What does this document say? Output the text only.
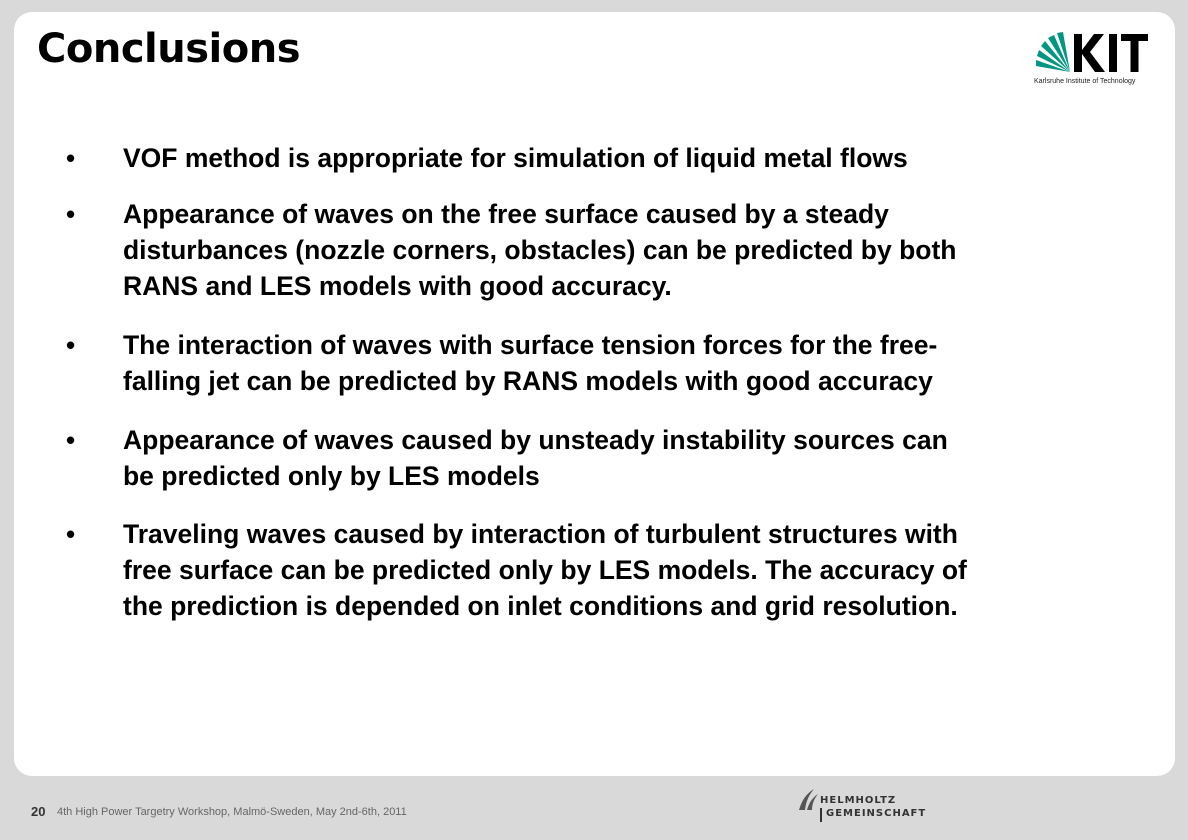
Conclusions
Karlsruhe Institute of Technology
• VOF method is appropriate for simulation of liquid metal flows
• Appearance of waves on the free surface caused by a steady
disturbances (nozzle corners, obstacles) can be predicted by both
RANS and LES models with good accuracy.
• The interaction of waves with surface tension forces for the free-
falling jet can be predicted by RANS models with good accuracy
• Appearance of waves caused by unsteady instability sources can
be predicted only by LES models
• Traveling waves caused by interaction of turbulent structures with
free surface can be predicted only by LES models. The accuracy of
the prediction is depended on inlet conditions and grid resolution.
20 4th High Power Targetry Workshop, Malmö-Sweden, May 2nd-6th, 2011
HELMHOLTZ
GEMEINSCHAFT
